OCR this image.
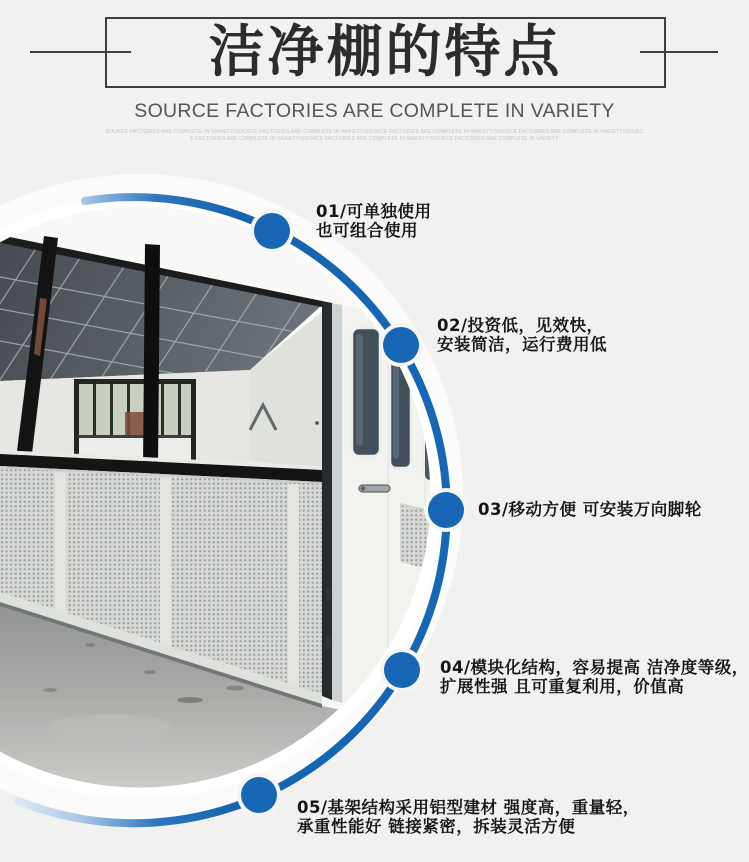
洁净棚的特点
SOURCE FACTORIES ARE COMPLETE IN VARIETY
SOURCE FACTORIES ARE COMPLETE IN VARIETY/SOURCE FACTORIES ARE COMPLETE IN VARIETY/SOURCE FACTORIES ARE COMPLETE IN VARIETY/SOURCE FACTORIES ARE COMPLETE IN VARIETY/SOURC
E FACTORIES ARE COMPLETE IN VARIETY/SOURCE FACTORIES ARE COMPLETE IN VARIETY/SOURCE FACTORIES ARE COMPLETE IN VARIETY
01/可单独使用
也可组合使用
02/投资低，见效快，
安装简洁，运行费用低
03/移动方便 可安装万向脚轮
04/模块化结构，容易提高 洁净度等级，
扩展性强 且可重复利用，价值高
05/基架结构采用铝型建材 强度高，重量轻，
承重性能好 链接紧密，拆装灵活方便
